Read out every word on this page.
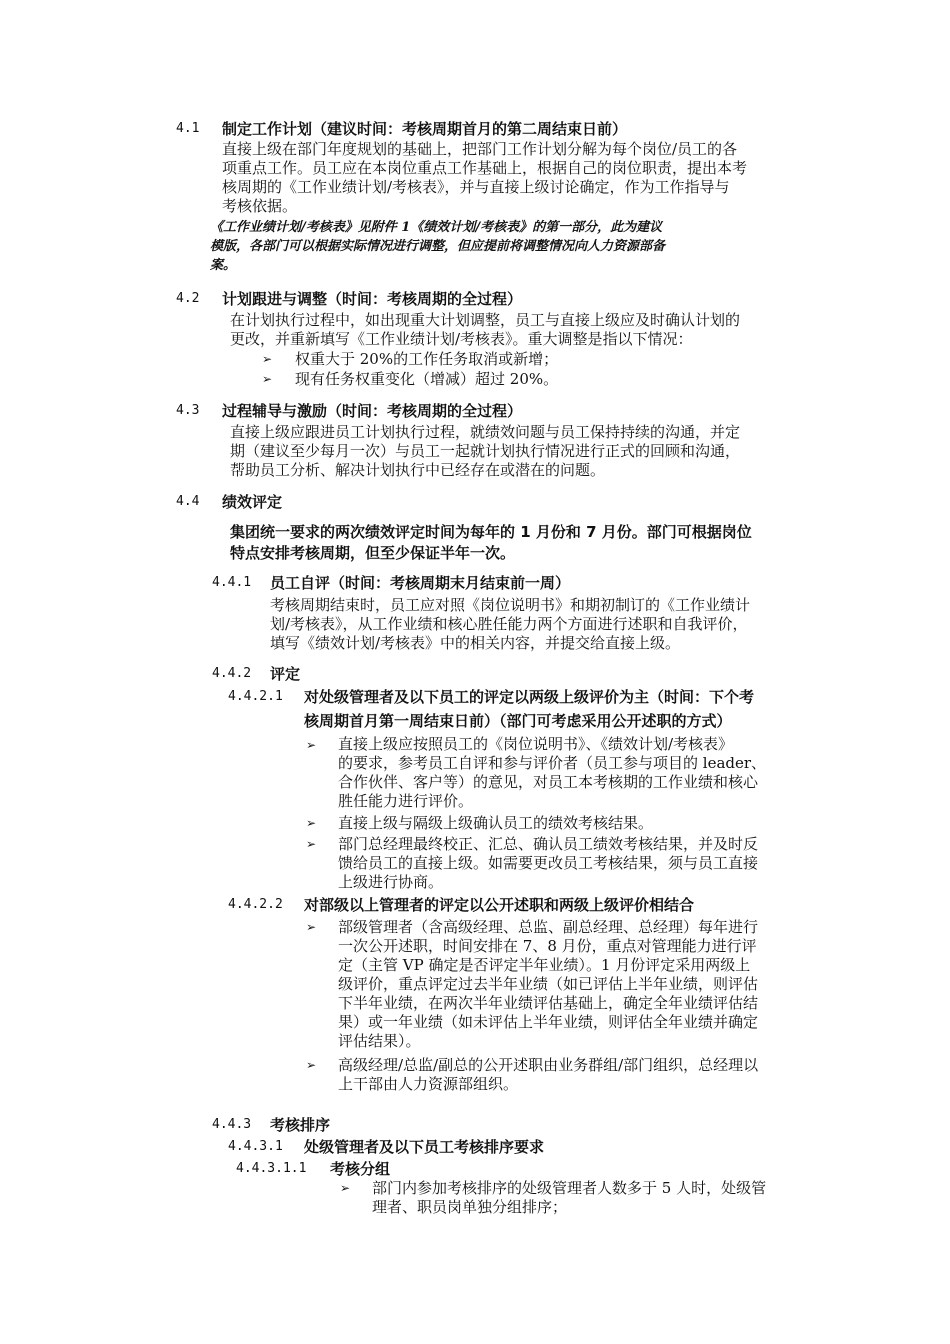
4.1 制定工作计划（建议时间：考核周期首月的第二周结束日前）
直接上级在部门年度规划的基础上，把部门工作计划分解为每个岗位/员工的各
项重点工作。员工应在本岗位重点工作基础上，根据自己的岗位职责，提出本考
核周期的《工作业绩计划/考核表》，并与直接上级讨论确定，作为工作指导与
考核依据。
《工作业绩计划/考核表》见附件 1《绩效计划/考核表》的第一部分，此为建议
模版，各部门可以根据实际情况进行调整，但应提前将调整情况向人力资源部备
案。
4.2 计划跟进与调整（时间：考核周期的全过程）
在计划执行过程中，如出现重大计划调整，员工与直接上级应及时确认计划的
更改，并重新填写《工作业绩计划/考核表》。重大调整是指以下情况：
➢ 权重大于 20%的工作任务取消或新增；
➢ 现有任务权重变化（增减）超过 20%。
4.3 过程辅导与激励（时间：考核周期的全过程）
直接上级应跟进员工计划执行过程，就绩效问题与员工保持持续的沟通，并定
期（建议至少每月一次）与员工一起就计划执行情况进行正式的回顾和沟通，
帮助员工分析、解决计划执行中已经存在或潜在的问题。
4.4 绩效评定
集团统一要求的两次绩效评定时间为每年的 1 月份和 7 月份。部门可根据岗位
特点安排考核周期，但至少保证半年一次。
4.4.1 员工自评（时间：考核周期末月结束前一周）
考核周期结束时，员工应对照《岗位说明书》和期初制订的《工作业绩计
划/考核表》，从工作业绩和核心胜任能力两个方面进行述职和自我评价，
填写《绩效计划/考核表》中的相关内容，并提交给直接上级。
4.4.2 评定
4.4.2.1 对处级管理者及以下员工的评定以两级上级评价为主（时间：下个考
核周期首月第一周结束日前）（部门可考虑采用公开述职的方式）
➢ 直接上级应按照员工的《岗位说明书》、《绩效计划/考核表》
的要求，参考员工自评和参与评价者（员工参与项目的 leader、
合作伙伴、客户等）的意见，对员工本考核期的工作业绩和核心
胜任能力进行评价。
➢ 直接上级与隔级上级确认员工的绩效考核结果。
➢ 部门总经理最终校正、汇总、确认员工绩效考核结果，并及时反
馈给员工的直接上级。如需要更改员工考核结果，须与员工直接
上级进行协商。
4.4.2.2 对部级以上管理者的评定以公开述职和两级上级评价相结合
➢ 部级管理者（含高级经理、总监、副总经理、总经理）每年进行
一次公开述职，时间安排在 7、8 月份，重点对管理能力进行评
定（主管 VP 确定是否评定半年业绩）。1 月份评定采用两级上
级评价，重点评定过去半年业绩（如已评估上半年业绩，则评估
下半年业绩，在两次半年业绩评估基础上，确定全年业绩评估结
果）或一年业绩（如未评估上半年业绩，则评估全年业绩并确定
评估结果）。
➢ 高级经理/总监/副总的公开述职由业务群组/部门组织，总经理以
上干部由人力资源部组织。
4.4.3 考核排序
4.4.3.1 处级管理者及以下员工考核排序要求
4.4.3.1.1 考核分组
➢ 部门内参加考核排序的处级管理者人数多于 5 人时，处级管
理者、职员岗单独分组排序；
